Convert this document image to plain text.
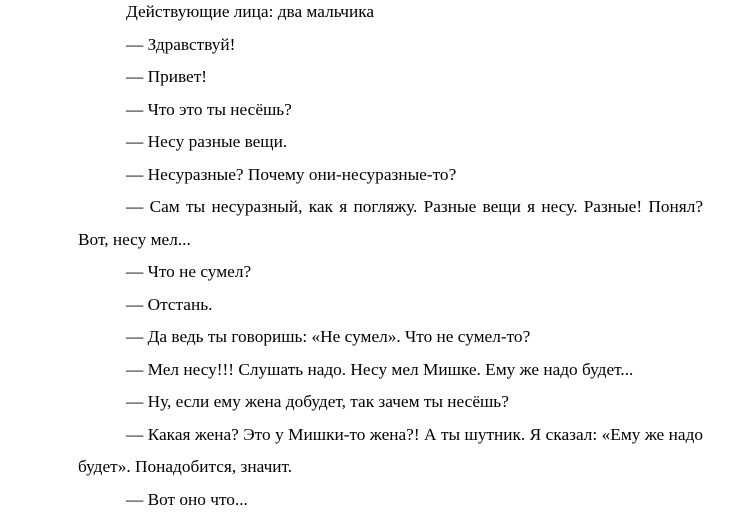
Действующие лица: два мальчика

— Здравствуй!

— Привет!

— Что это ты несёшь?

— Несу разные вещи.

— Несуразные? Почему они-несуразные-то?

— Сам ты несуразный, как я погляжу. Разные вещи я несу. Разные! Понял? Вот, несу мел...

— Что не сумел?

— Отстань.

— Да ведь ты говоришь: «Не сумел». Что не сумел-то?

— Мел несу!!! Слушать надо. Несу мел Мишке. Ему же надо будет...

— Ну, если ему жена добудет, так зачем ты несёшь?

— Какая жена? Это у Мишки-то жена?! А ты шутник. Я сказал: «Ему же надо будет». Понадобится, значит.

— Вот оно что...
